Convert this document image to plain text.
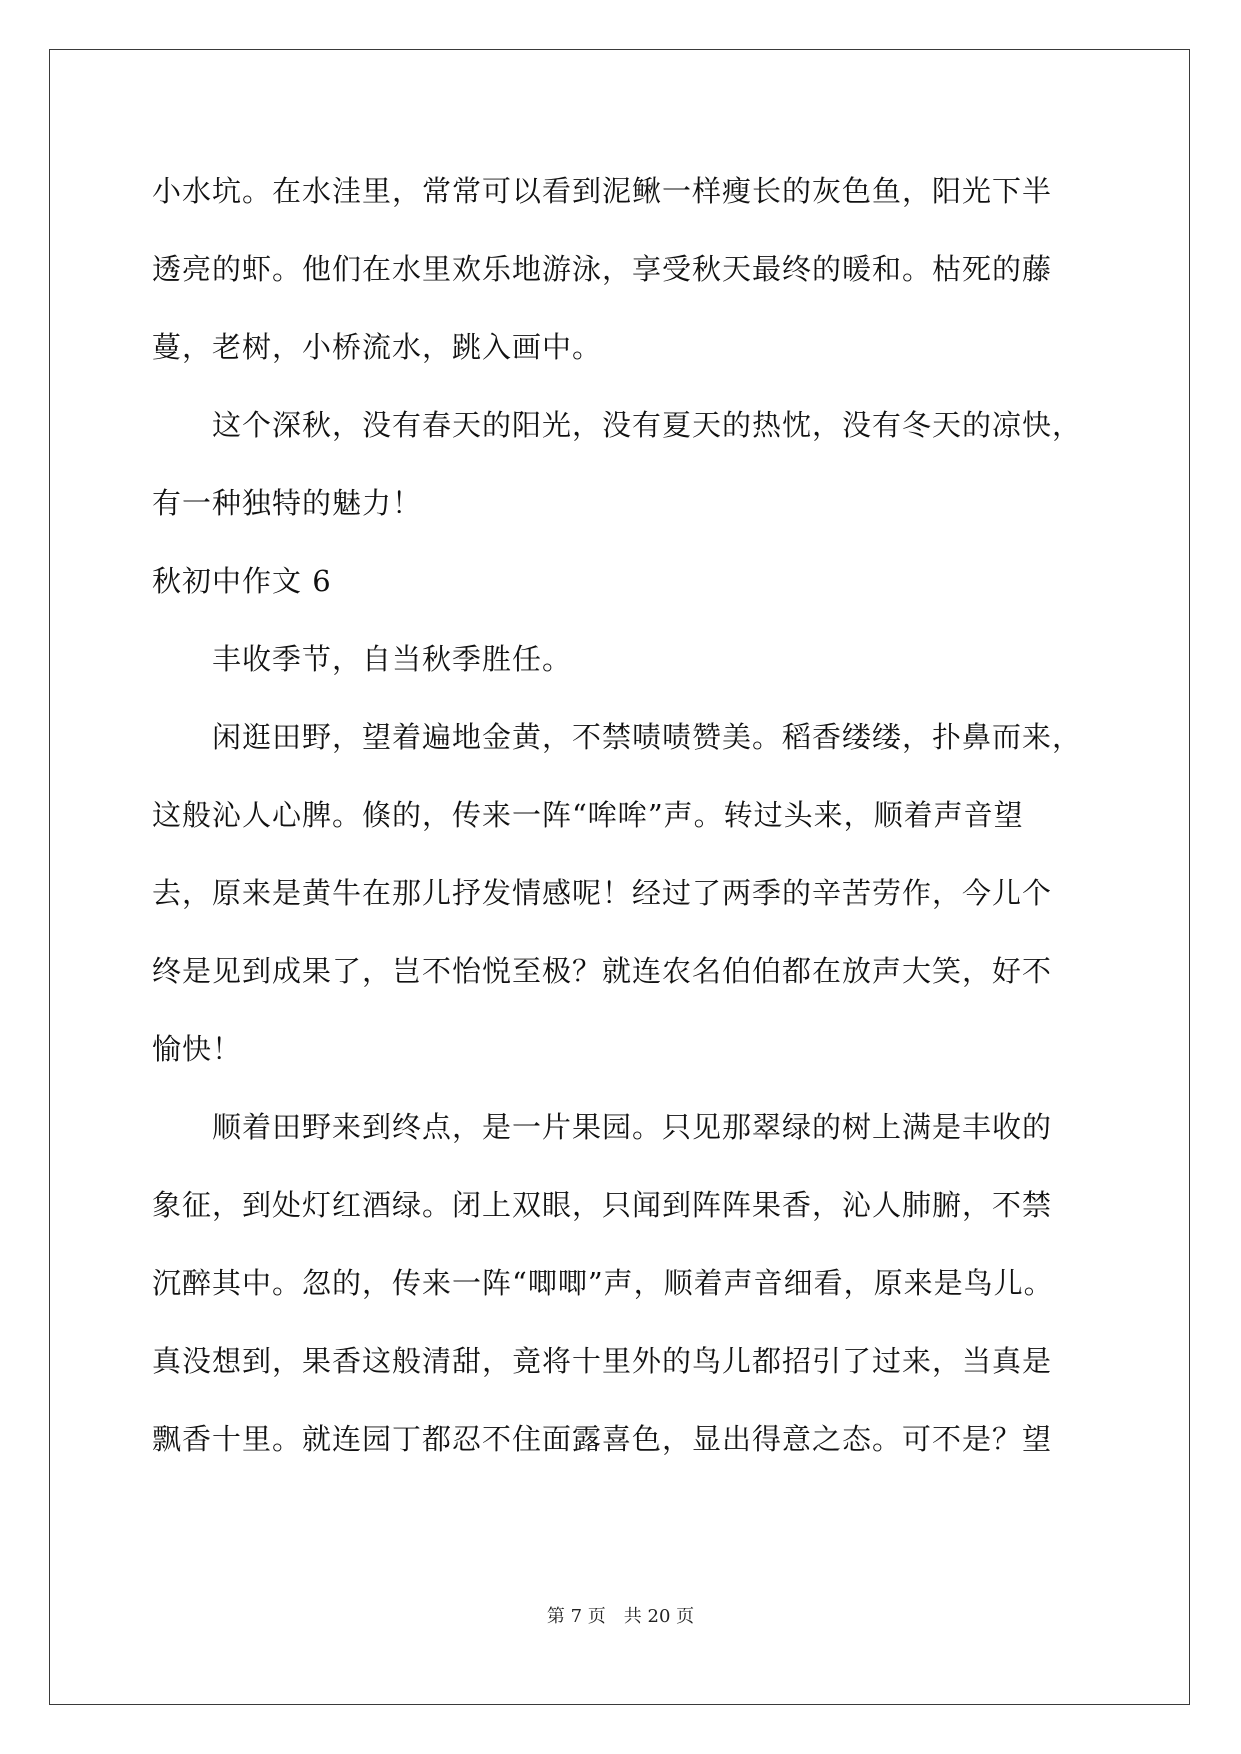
小水坑。在水洼里，常常可以看到泥鳅一样瘦长的灰色鱼，阳光下半
透亮的虾。他们在水里欢乐地游泳，享受秋天最终的暖和。枯死的藤
蔓，老树，小桥流水，跳入画中。
　　这个深秋，没有春天的阳光，没有夏天的热忱，没有冬天的凉快，
有一种独特的魅力！
秋初中作文 6
　　丰收季节，自当秋季胜任。
　　闲逛田野，望着遍地金黄，不禁啧啧赞美。稻香缕缕，扑鼻而来，
这般沁人心脾。倏的，传来一阵“哞哞”声。转过头来，顺着声音望
去，原来是黄牛在那儿抒发情感呢！经过了两季的辛苦劳作，今儿个
终是见到成果了，岂不怡悦至极？就连农名伯伯都在放声大笑，好不
愉快！
　　顺着田野来到终点，是一片果园。只见那翠绿的树上满是丰收的
象征，到处灯红酒绿。闭上双眼，只闻到阵阵果香，沁人肺腑，不禁
沉醉其中。忽的，传来一阵“唧唧”声，顺着声音细看，原来是鸟儿。
真没想到，果香这般清甜，竟将十里外的鸟儿都招引了过来，当真是
飘香十里。就连园丁都忍不住面露喜色，显出得意之态。可不是？望
第 7 页　共 20 页
